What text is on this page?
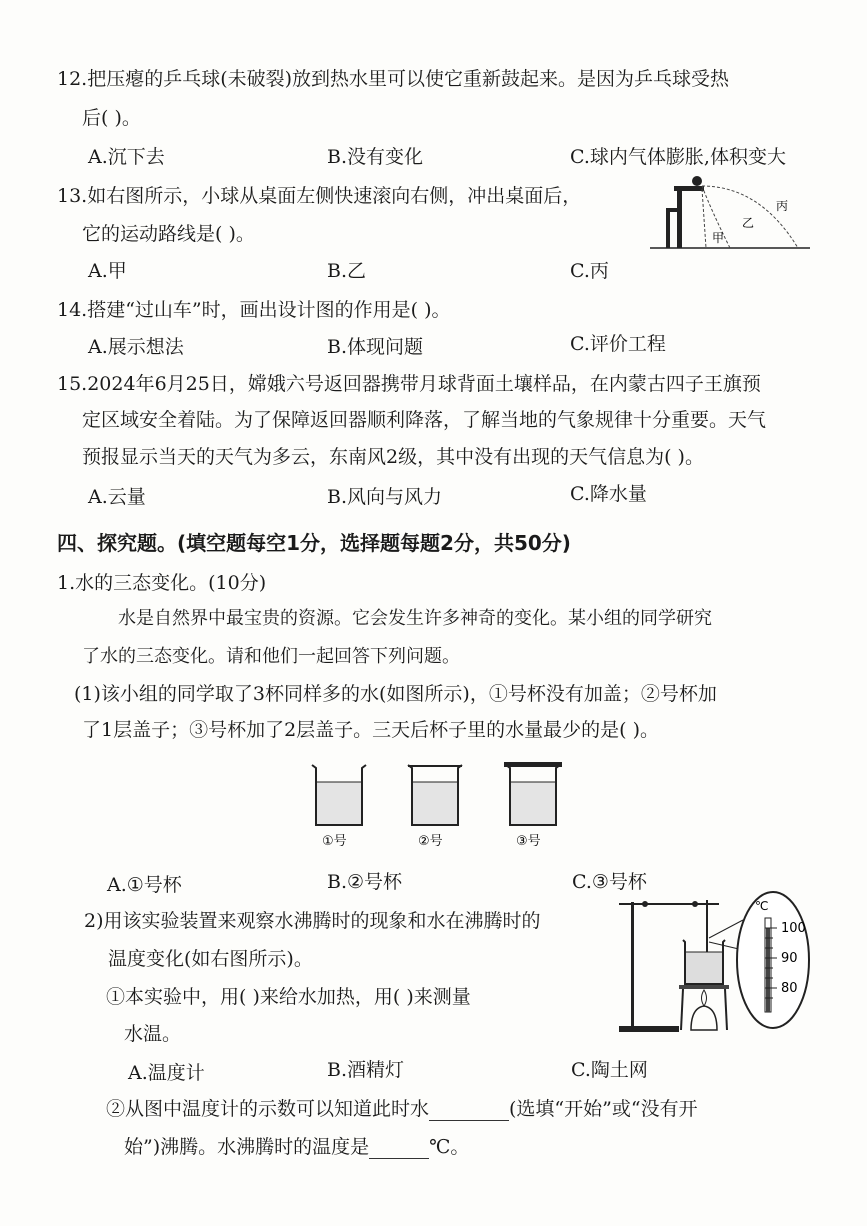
12.把压瘪的乒乓球(未破裂)放到热水里可以使它重新鼓起来。是因为乒乓球受热
后( )。
A.沉下去	B.没有变化	C.球内气体膨胀,体积变大
13.如右图所示，小球从桌面左侧快速滚向右侧，冲出桌面后，
它的运动路线是( )。
A.甲	B.乙	C.丙
甲
乙
丙
14.搭建“过山车”时，画出设计图的作用是( )。
A.展示想法	B.体现问题	C.评价工程
15.2024年6月25日，嫦娥六号返回器携带月球背面土壤样品，在内蒙古四子王旗预
定区域安全着陆。为了保障返回器顺利降落，了解当地的气象规律十分重要。天气
预报显示当天的天气为多云，东南风2级，其中没有出现的天气信息为( )。
A.云量	B.风向与风力	C.降水量
四、探究题。(填空题每空1分，选择题每题2分，共50分)
1.水的三态变化。(10分)
水是自然界中最宝贵的资源。它会发生许多神奇的变化。某小组的同学研究
了水的三态变化。请和他们一起回答下列问题。
(1)该小组的同学取了3杯同样多的水(如图所示)，①号杯没有加盖；②号杯加
了1层盖子；③号杯加了2层盖子。三天后杯子里的水量最少的是( )。
①号	②号	③号
A.①号杯	B.②号杯	C.③号杯
2)用该实验装置来观察水沸腾时的现象和水在沸腾时的
温度变化(如右图所示)。
①本实验中，用( )来给水加热，用( )来测量
水温。
A.温度计	B.酒精灯	C.陶土网
②从图中温度计的示数可以知道此时水	(选填“开始”或“没有开
始”)沸腾。水沸腾时的温度是	℃。
℃
100
90
80
